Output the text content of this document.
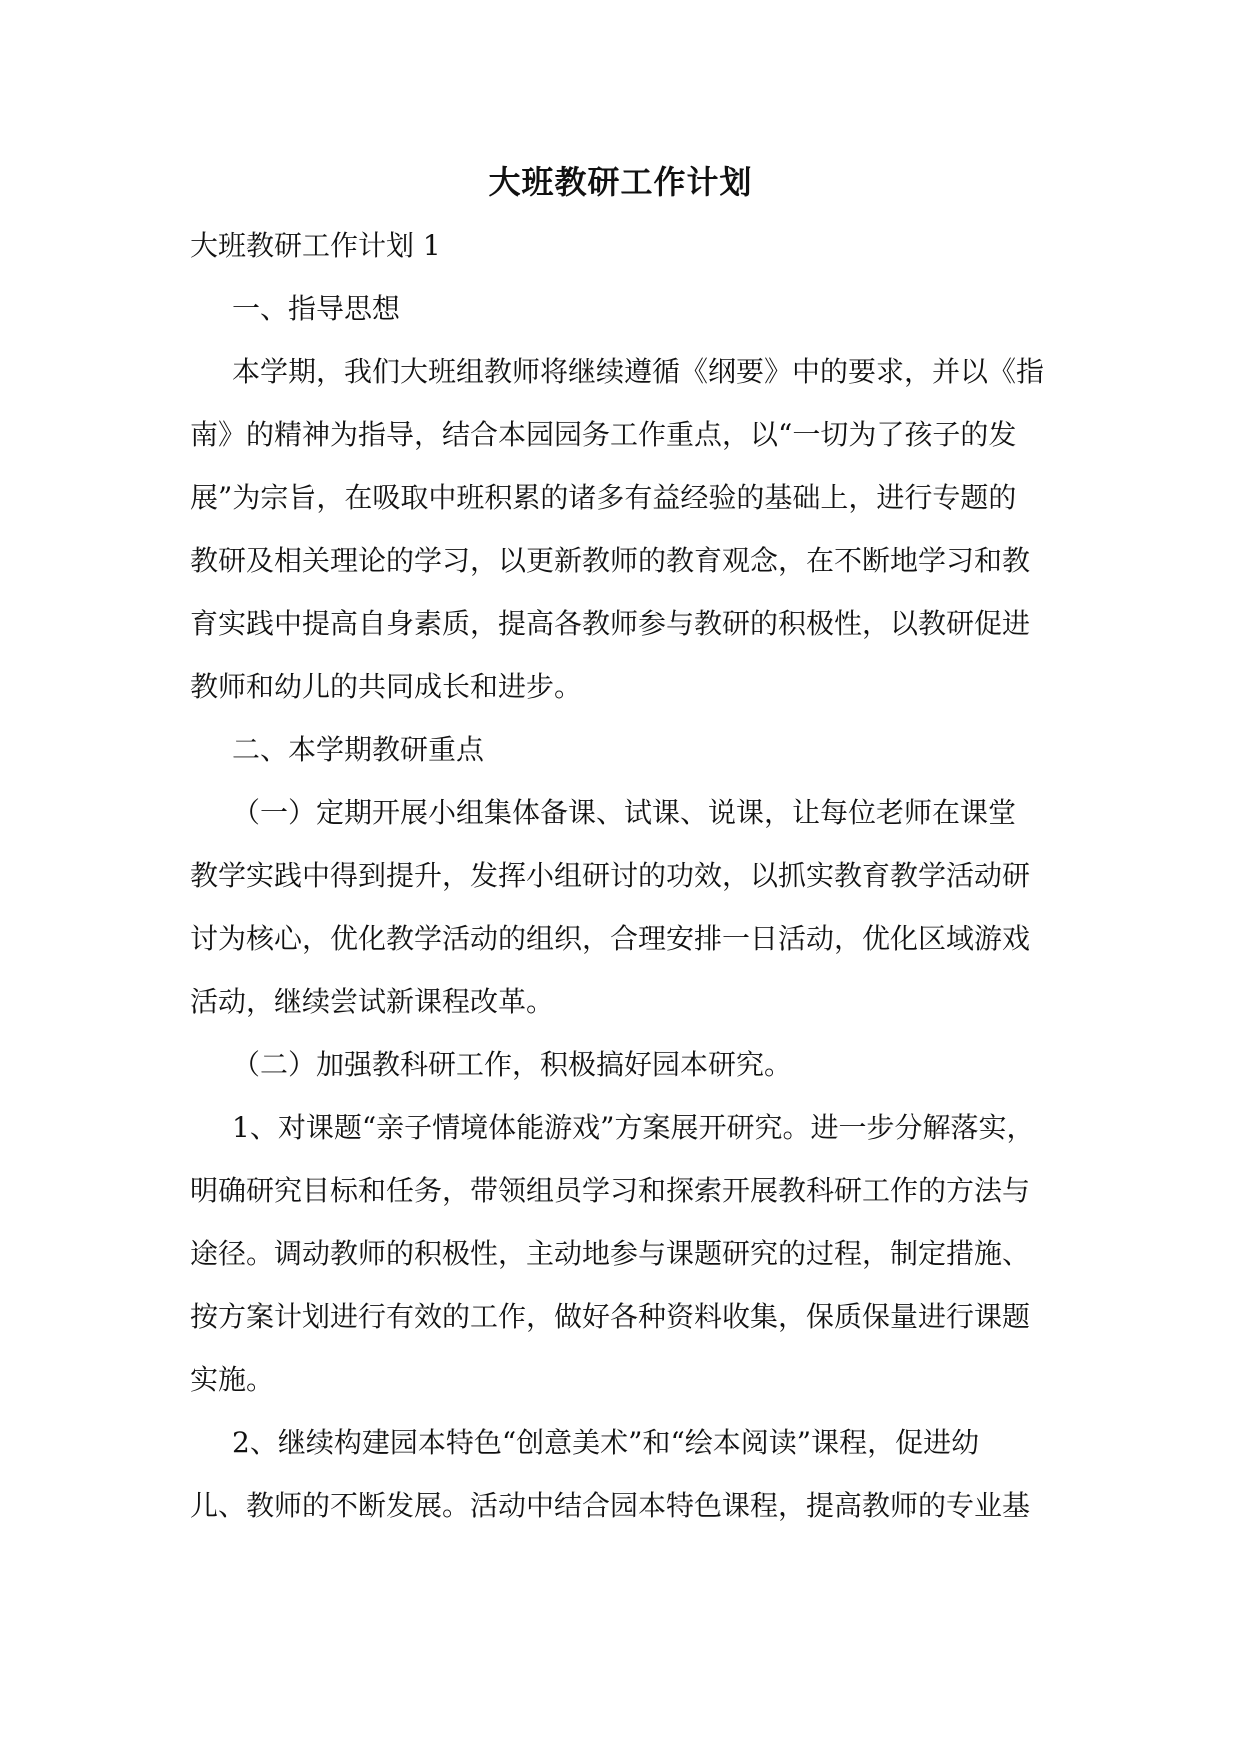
大班教研工作计划
大班教研工作计划 1
一、指导思想
本学期，我们大班组教师将继续遵循《纲要》中的要求，并以《指
南》的精神为指导，结合本园园务工作重点，以“一切为了孩子的发
展”为宗旨，在吸取中班积累的诸多有益经验的基础上，进行专题的
教研及相关理论的学习，以更新教师的教育观念，在不断地学习和教
育实践中提高自身素质，提高各教师参与教研的积极性，以教研促进
教师和幼儿的共同成长和进步。
二、本学期教研重点
（一）定期开展小组集体备课、试课、说课，让每位老师在课堂
教学实践中得到提升，发挥小组研讨的功效，以抓实教育教学活动研
讨为核心，优化教学活动的组织，合理安排一日活动，优化区域游戏
活动，继续尝试新课程改革。
（二）加强教科研工作，积极搞好园本研究。
1、对课题“亲子情境体能游戏”方案展开研究。进一步分解落实，
明确研究目标和任务，带领组员学习和探索开展教科研工作的方法与
途径。调动教师的积极性，主动地参与课题研究的过程，制定措施、
按方案计划进行有效的工作，做好各种资料收集，保质保量进行课题
实施。
2、继续构建园本特色“创意美术”和“绘本阅读”课程，促进幼
儿、教师的不断发展。活动中结合园本特色课程，提高教师的专业基
